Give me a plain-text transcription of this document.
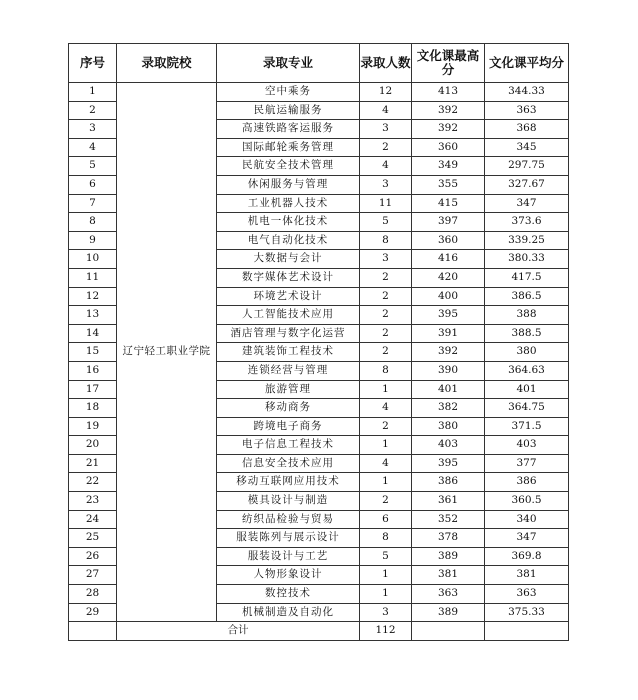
序号	录取院校	录取专业	录取人数	文化课最高分	文化课平均分
1	辽宁轻工职业学院	空中乘务	12	413	344.33
2		民航运输服务	4	392	363
3		高速铁路客运服务	3	392	368
4		国际邮轮乘务管理	2	360	345
5		民航安全技术管理	4	349	297.75
6		休闲服务与管理	3	355	327.67
7		工业机器人技术	11	415	347
8		机电一体化技术	5	397	373.6
9		电气自动化技术	8	360	339.25
10		大数据与会计	3	416	380.33
11		数字媒体艺术设计	2	420	417.5
12		环境艺术设计	2	400	386.5
13		人工智能技术应用	2	395	388
14		酒店管理与数字化运营	2	391	388.5
15		建筑装饰工程技术	2	392	380
16		连锁经营与管理	8	390	364.63
17		旅游管理	1	401	401
18		移动商务	4	382	364.75
19		跨境电子商务	2	380	371.5
20		电子信息工程技术	1	403	403
21		信息安全技术应用	4	395	377
22		移动互联网应用技术	1	386	386
23		模具设计与制造	2	361	360.5
24		纺织品检验与贸易	6	352	340
25		服装陈列与展示设计	8	378	347
26		服装设计与工艺	5	389	369.8
27		人物形象设计	1	381	381
28		数控技术	1	363	363
29		机械制造及自动化	3	389	375.33
	合计		112		
